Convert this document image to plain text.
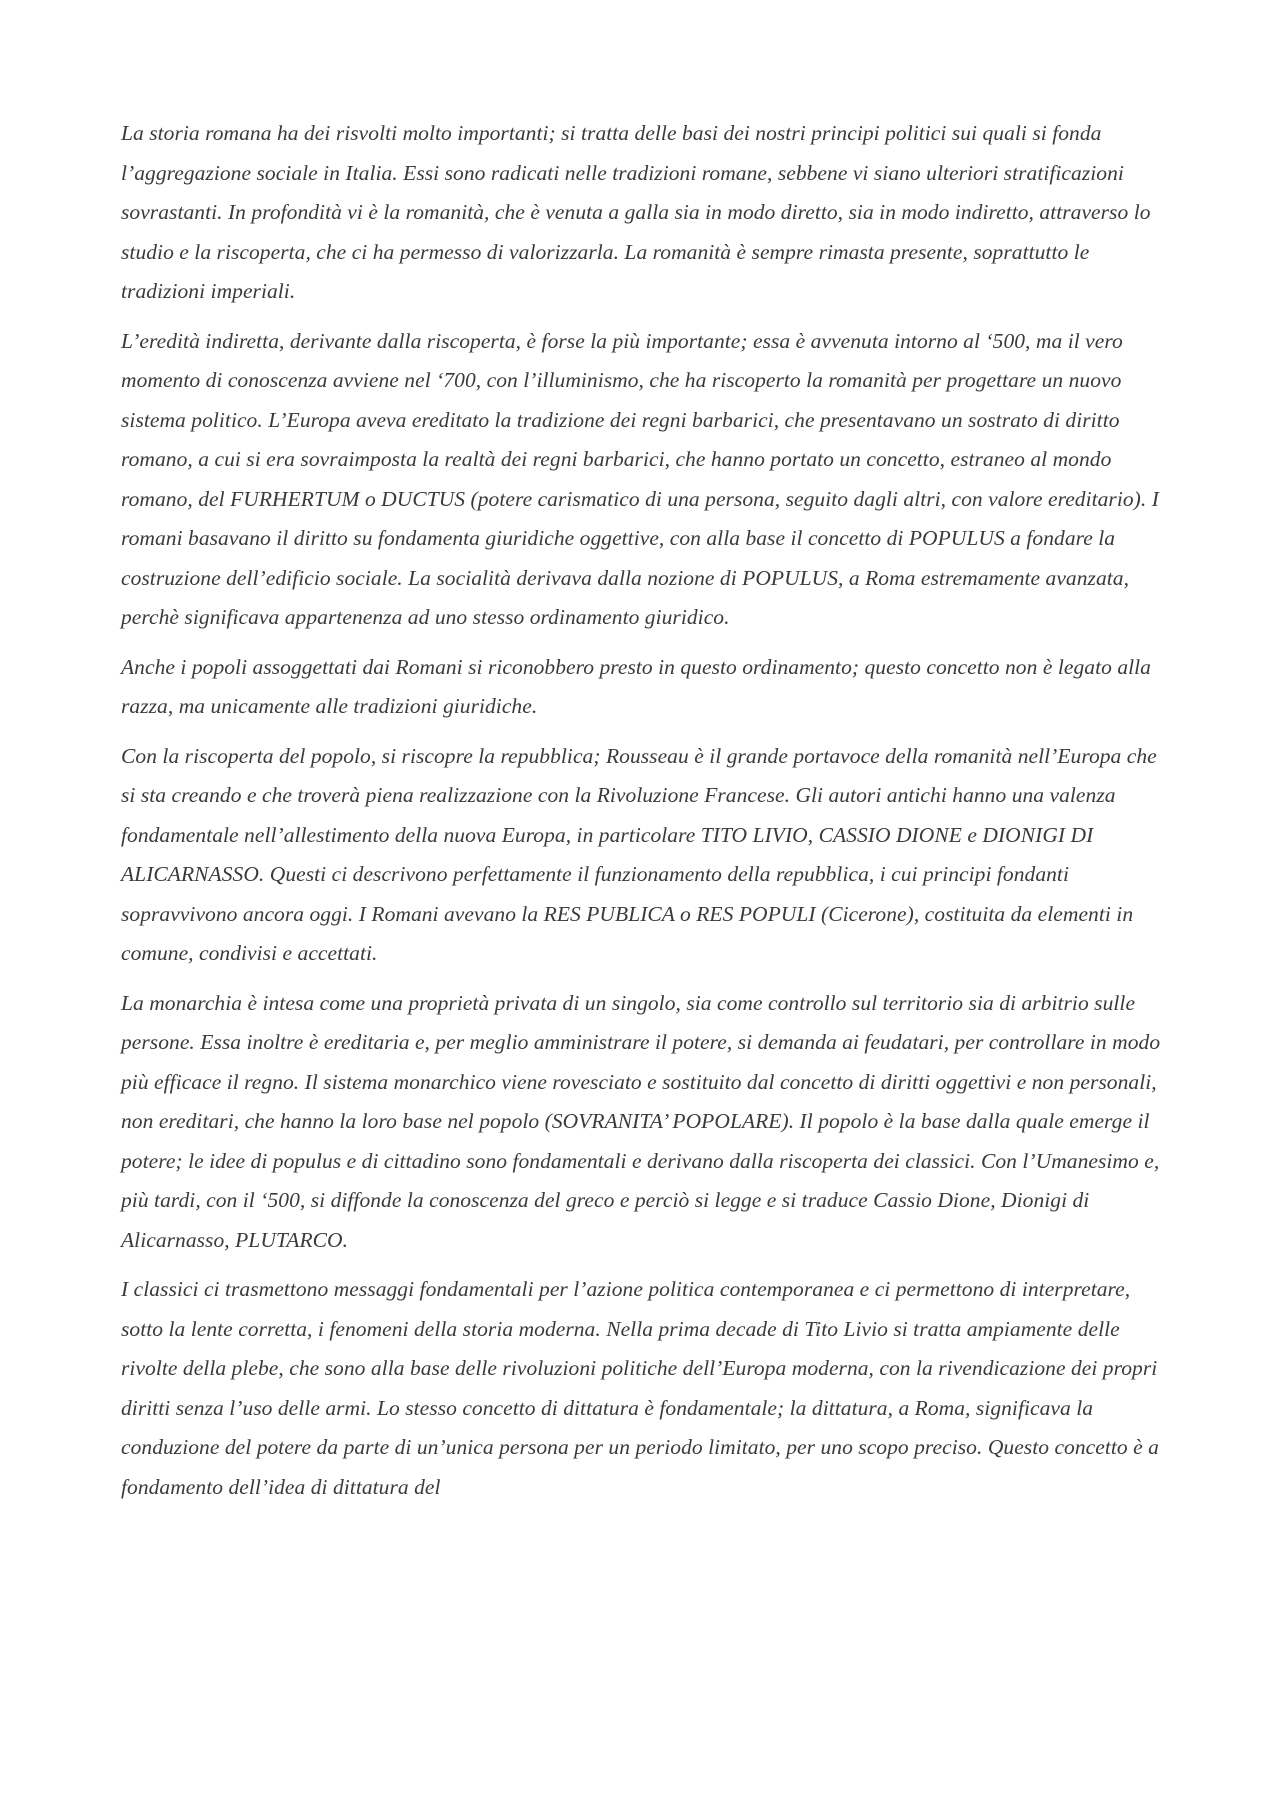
La storia romana ha dei risvolti molto importanti; si tratta delle basi dei nostri principi politici sui quali si fonda l’aggregazione sociale in Italia. Essi sono radicati nelle tradizioni romane, sebbene vi siano ulteriori stratificazioni sovrastanti. In profondità vi è la romanità, che è venuta a galla sia in modo diretto, sia in modo indiretto, attraverso lo studio e la riscoperta, che ci ha permesso di valorizzarla. La romanità è sempre rimasta presente, soprattutto le tradizioni imperiali.

L’eredità indiretta, derivante dalla riscoperta, è forse la più importante; essa è avvenuta intorno al ‘500, ma il vero momento di conoscenza avviene nel ‘700, con l’illuminismo, che ha riscoperto la romanità per progettare un nuovo sistema politico. L’Europa aveva ereditato la tradizione dei regni barbarici, che presentavano un sostrato di diritto romano, a cui si era sovraimposta la realtà dei regni barbarici, che hanno portato un concetto, estraneo al mondo romano, del FURHERTUM o DUCTUS (potere carismatico di una persona, seguito dagli altri, con valore ereditario). I romani basavano il diritto su fondamenta giuridiche oggettive, con alla base il concetto di POPULUS a fondare la costruzione dell’edificio sociale. La socialità derivava dalla nozione di POPULUS, a Roma estremamente avanzata, perchè significava appartenenza ad uno stesso ordinamento giuridico.

Anche i popoli assoggettati dai Romani si riconobbero presto in questo ordinamento; questo concetto non è legato alla razza, ma unicamente alle tradizioni giuridiche.

Con la riscoperta del popolo, si riscopre la repubblica; Rousseau è il grande portavoce della romanità nell’Europa che si sta creando e che troverà piena realizzazione con la Rivoluzione Francese. Gli autori antichi hanno una valenza fondamentale nell’allestimento della nuova Europa, in particolare TITO LIVIO, CASSIO DIONE e DIONIGI DI ALICARNASSO. Questi ci descrivono perfettamente il funzionamento della repubblica, i cui principi fondanti sopravvivono ancora oggi. I Romani avevano la RES PUBLICA o RES POPULI (Cicerone), costituita da elementi in comune, condivisi e accettati.

La monarchia è intesa come una proprietà privata di un singolo, sia come controllo sul territorio sia di arbitrio sulle persone. Essa inoltre è ereditaria e, per meglio amministrare il potere, si demanda ai feudatari, per controllare in modo più efficace il regno. Il sistema monarchico viene rovesciato e sostituito dal concetto di diritti oggettivi e non personali, non ereditari, che hanno la loro base nel popolo (SOVRANITA’ POPOLARE). Il popolo è la base dalla quale emerge il potere; le idee di populus e di cittadino sono fondamentali e derivano dalla riscoperta dei classici. Con l’Umanesimo e, più tardi, con il ‘500, si diffonde la conoscenza del greco e perciò si legge e si traduce Cassio Dione, Dionigi di Alicarnasso, PLUTARCO.

I classici ci trasmettono messaggi fondamentali per l’azione politica contemporanea e ci permettono di interpretare, sotto la lente corretta, i fenomeni della storia moderna. Nella prima decade di Tito Livio si tratta ampiamente delle rivolte della plebe, che sono alla base delle rivoluzioni politiche dell’Europa moderna, con la rivendicazione dei propri diritti senza l’uso delle armi. Lo stesso concetto di dittatura è fondamentale; la dittatura, a Roma, significava la conduzione del potere da parte di un’unica persona per un periodo limitato, per uno scopo preciso. Questo concetto è a fondamento dell’idea di dittatura del
